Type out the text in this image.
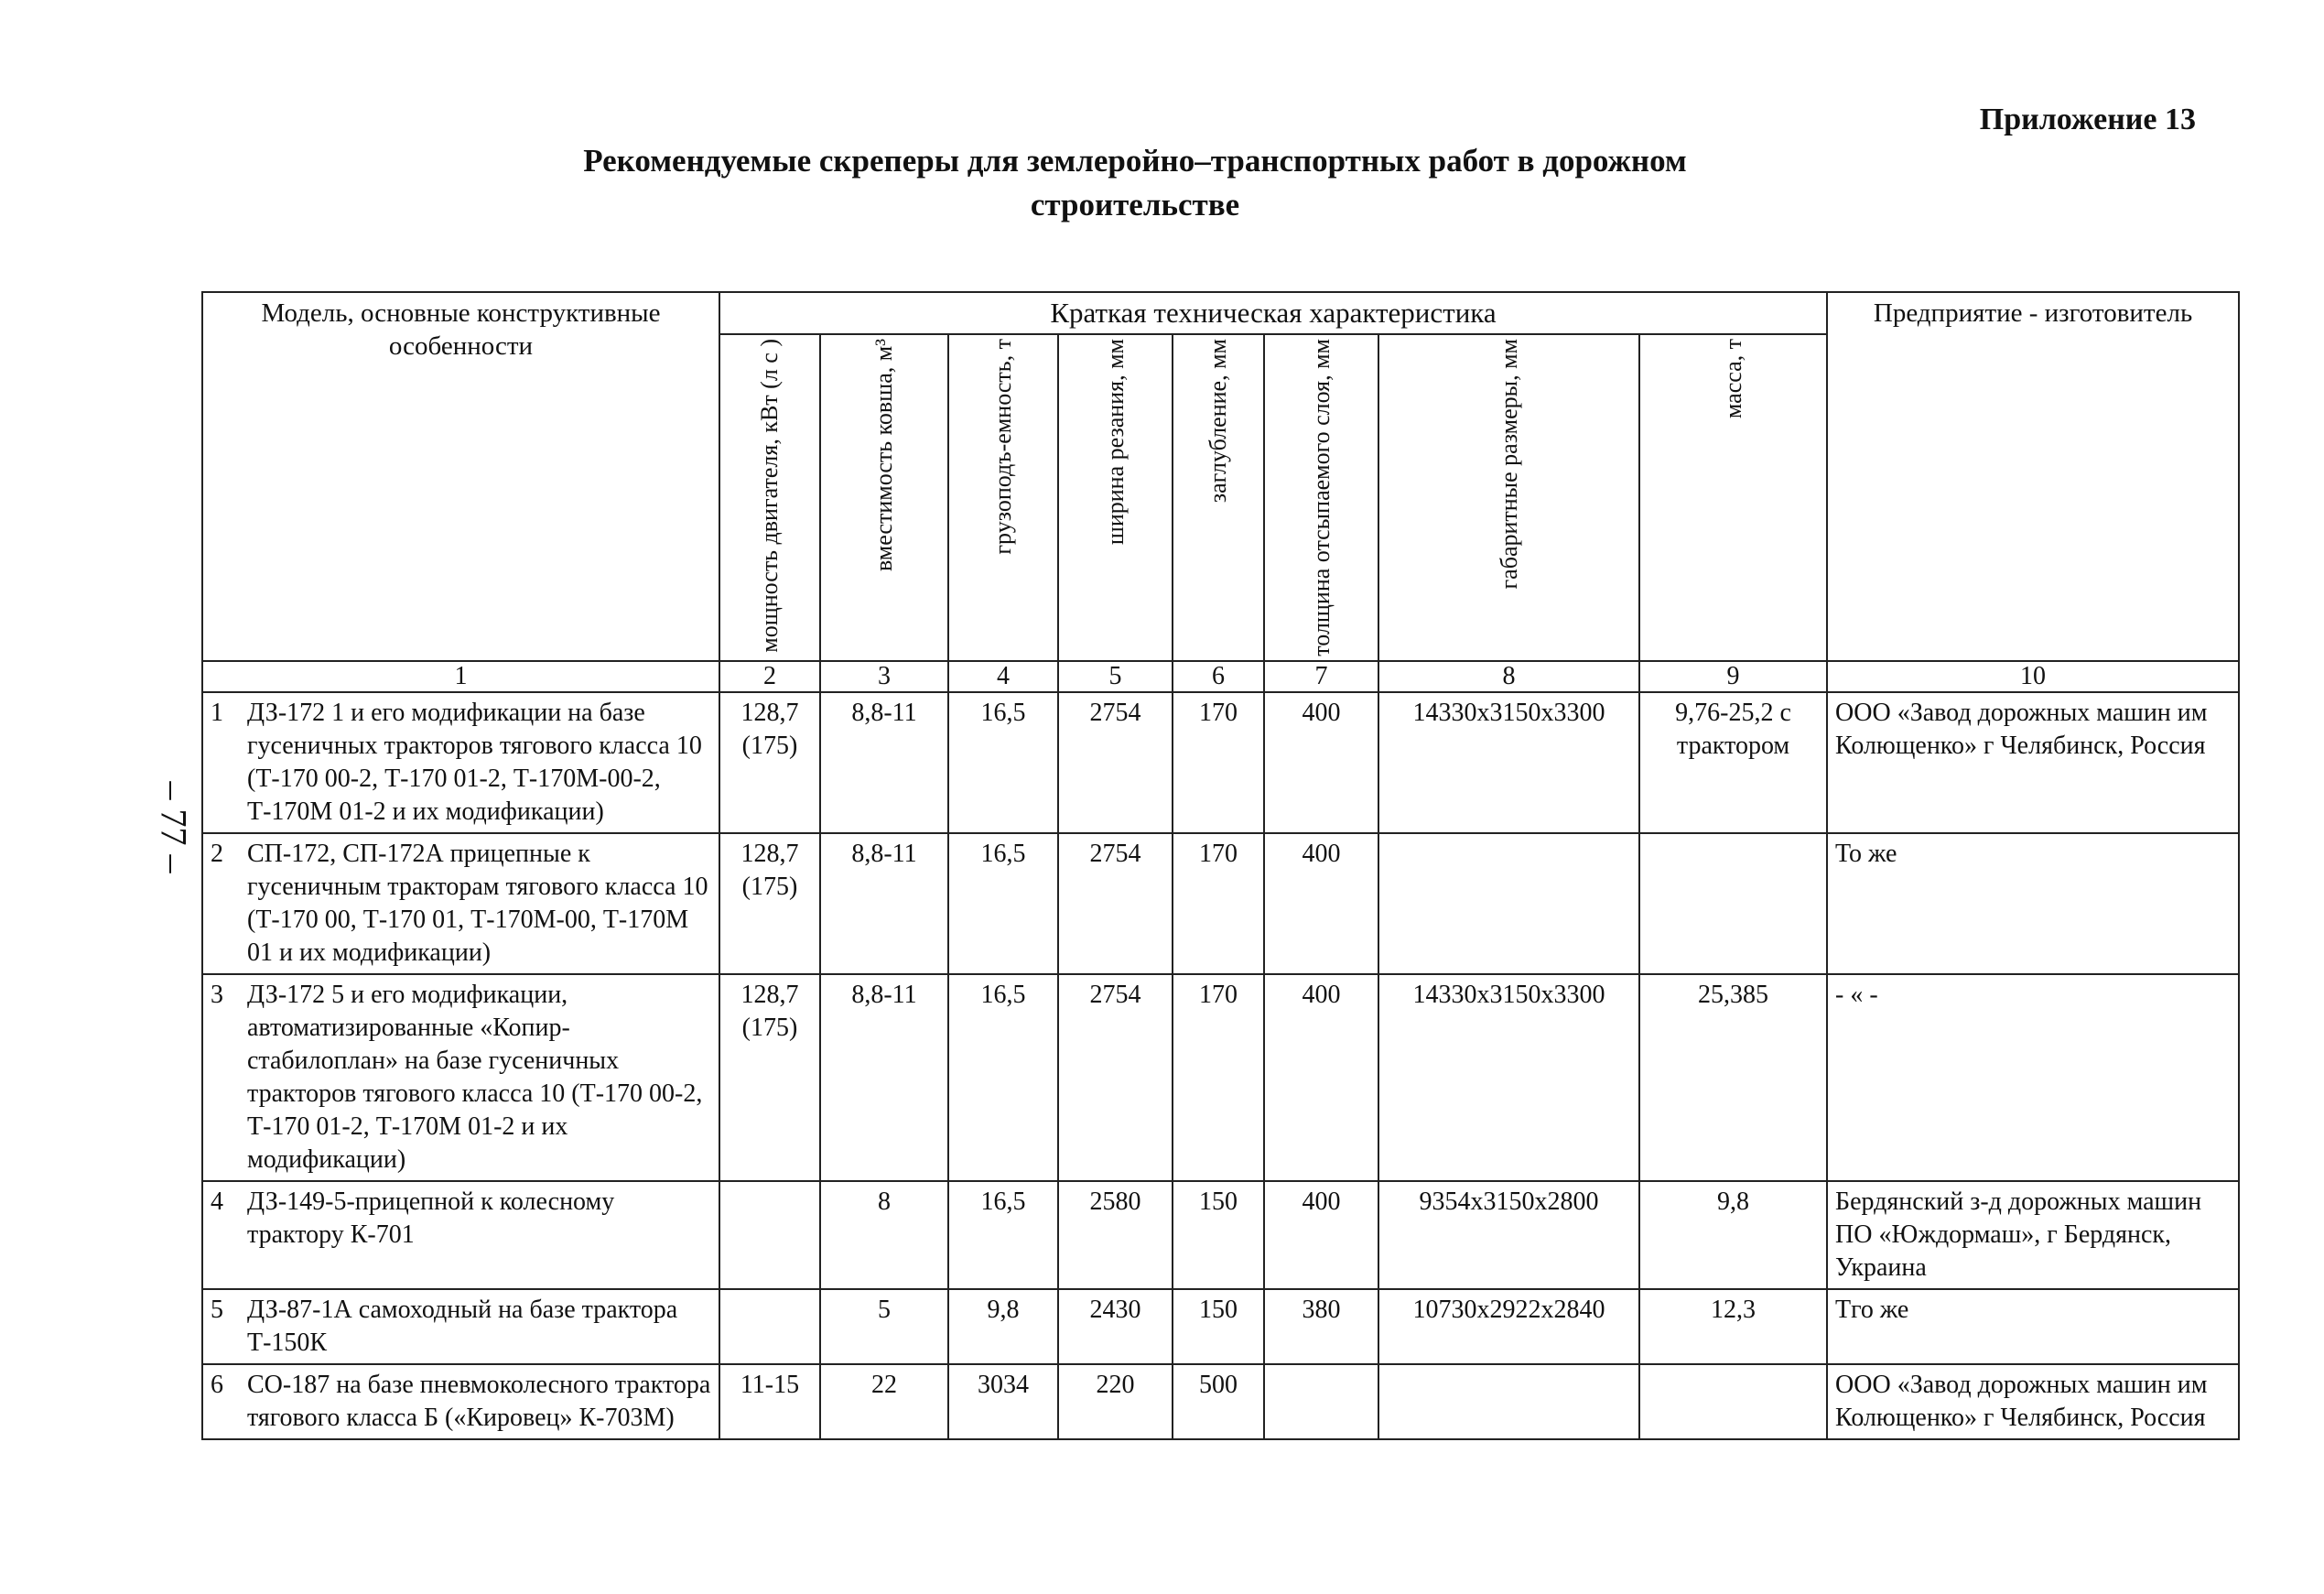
Приложение 13
Рекомендуемые скреперы для землеройно–транспортных работ в дорожном строительстве
– 77 –
Модель, основные конструктивные особенности	Краткая техническая характеристика								Предприятие - изготовитель

	мощность двигателя, кВт (л с )	вместимость ковша, м³	грузоподъ-емность, т	ширина резания, мм	заглубление, мм	толщина отсыпаемого слоя, мм	габаритные размеры, мм	масса, т	

1	2	3	4	5	6	7	8	9	10

1 ДЗ-172 1 и его модификации на базе гусеничных тракторов тягового класса 10 (Т-170 00-2, Т-170 01-2, Т-170М-00-2, Т-170М 01-2 и их модификации)	128,7 (175)	8,8-11	16,5	2754	170	400	14330х3150х3300	9,76-25,2 с трактором	ООО «Завод дорожных машин им Колющенко» г Челябинск, Россия

2 СП-172, СП-172А прицепные к гусеничным тракторам тягового класса 10 (Т-170 00, Т-170 01, Т-170М-00, Т-170М 01 и их модификации)	128,7 (175)	8,8-11	16,5	2754	170	400			То же

3 ДЗ-172 5 и его модификации, автоматизированные «Копир-стабилоплан» на базе гусеничных тракторов тягового класса 10 (Т-170 00-2, Т-170 01-2, Т-170М 01-2 и их модификации)	128,7 (175)	8,8-11	16,5	2754	170	400	14330х3150х3300	25,385	- « -

4 ДЗ-149-5-прицепной к колесному трактору К-701		8	16,5	2580	150	400	9354х3150х2800	9,8	Бердянский з-д дорожных машин ПО «Юждормаш», г Бердянск, Украина

5 ДЗ-87-1А самоходный на базе трактора Т-150К		5	9,8	2430	150	380	10730х2922х2840	12,3	Тго же

6 СО-187 на базе пневмоколесного трактора тягового класса Б («Кировец» К-703М)	11-15	22	3034	220	500				ООО «Завод дорожных машин им Колющенко» г Челябинск, Россия
